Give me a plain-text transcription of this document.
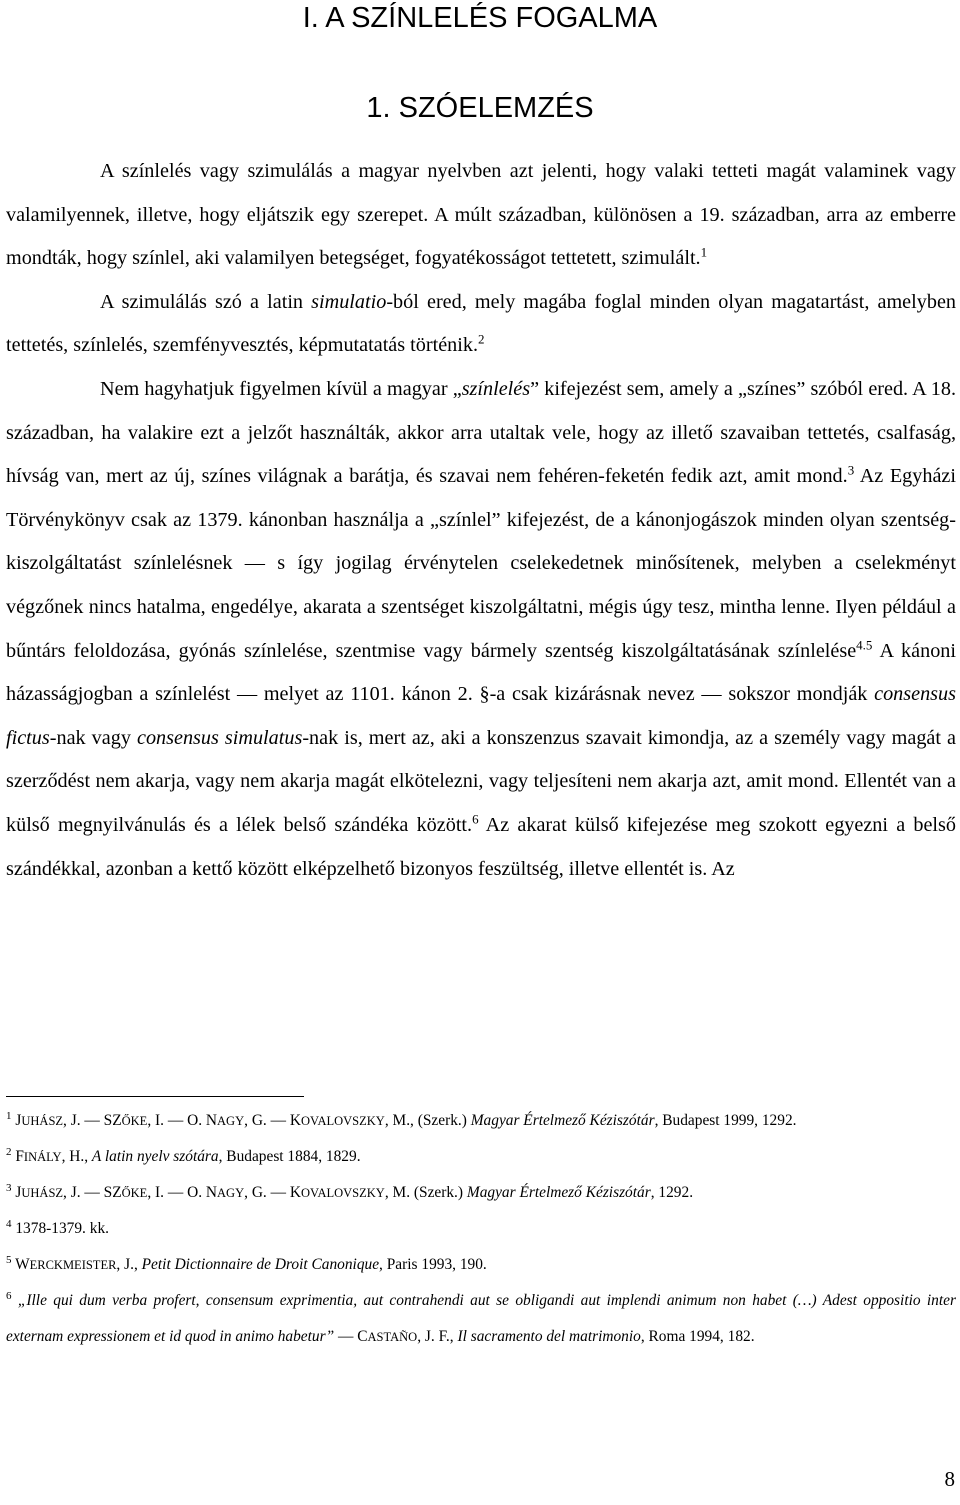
I. A SZÍNLELÉS FOGALMA
1. SZÓELEMZÉS

A színlelés vagy szimulálás a magyar nyelvben azt jelenti, hogy valaki tetteti magát valaminek vagy valamilyennek, illetve, hogy eljátszik egy szerepet. A múlt században, különösen a 19. században, arra az emberre mondták, hogy színlel, aki valamilyen betegséget, fogyatékosságot tettetett, szimulált.$^1$

A szimulálás szó a latin simulatio-ból ered, mely magába foglal minden olyan magatartást, amelyben tettetés, színlelés, szemfényvesztés, képmutatatás történik.$^2$

Nem hagyhatjuk figyelmen kívül a magyar „színlelés” kifejezést sem, amely a „színes” szóból ered. A 18. században, ha valakire ezt a jelzőt használták, akkor arra utaltak vele, hogy az illető szavaiban tettetés, csalfaság, hívság van, mert az új, színes világnak a barátja, és szavai nem fehéren-feketén fedik azt, amit mond.$^3$ Az Egyházi Törvénykönyv csak az 1379. kánonban használja a „színlel” kifejezést, de a kánonjogászok minden olyan szentség-kiszolgáltatást színlelésnek — s így jogilag érvénytelen cselekedetnek minősítenek, melyben a cselekményt végzőnek nincs hatalma, engedélye, akarata a szentséget kiszolgáltatni, mégis úgy tesz, mintha lenne. Ilyen például a bűntárs feloldozása, gyónás színlelése, szentmise vagy bármely szentség kiszolgáltatásának színlelése$^{4.5}$ A kánoni házasságjogban a színlelést — melyet az 1101. kánon 2. §-a csak kizárásnak nevez — sokszor mondják consensus fictus-nak vagy consensus simulatus-nak is, mert az, aki a konszenzus szavait kimondja, az a személy vagy magát a szerződést nem akarja, vagy nem akarja magát elkötelezni, vagy teljesíteni nem akarja azt, amit mond. Ellentét van a külső megnyilvánulás és a lélek belső szándéka között.$^6$ Az akarat külső kifejezése meg szokott egyezni a belső szándékkal, azonban a kettő között elképzelhető bizonyos feszültség, illetve ellentét is. Az

$^1$ JUHÁSZ, J. — SZŐKE, I. — O. NAGY, G. — KOVALOVSZKY, M., (Szerk.) Magyar Értelmező Kéziszótár, Budapest 1999, 1292.

$^2$ FINÁLY, H., A latin nyelv szótára, Budapest 1884, 1829.

$^3$ JUHÁSZ, J. — SZŐKE, I. — O. NAGY, G. — KOVALOVSZKY, M. (Szerk.) Magyar Értelmező Kéziszótár, 1292.

$^4$ 1378-1379. kk.

$^5$ WERCKMEISTER, J., Petit Dictionnaire de Droit Canonique, Paris 1993, 190.

$^6$ „Ille qui dum verba profert, consensum exprimentia, aut contrahendi aut se obligandi aut implendi animum non habet (…) Adest oppositio inter externam expressionem et id quod in animo habetur” — CASTAÑO, J. F., Il sacramento del matrimonio, Roma 1994, 182.

8
